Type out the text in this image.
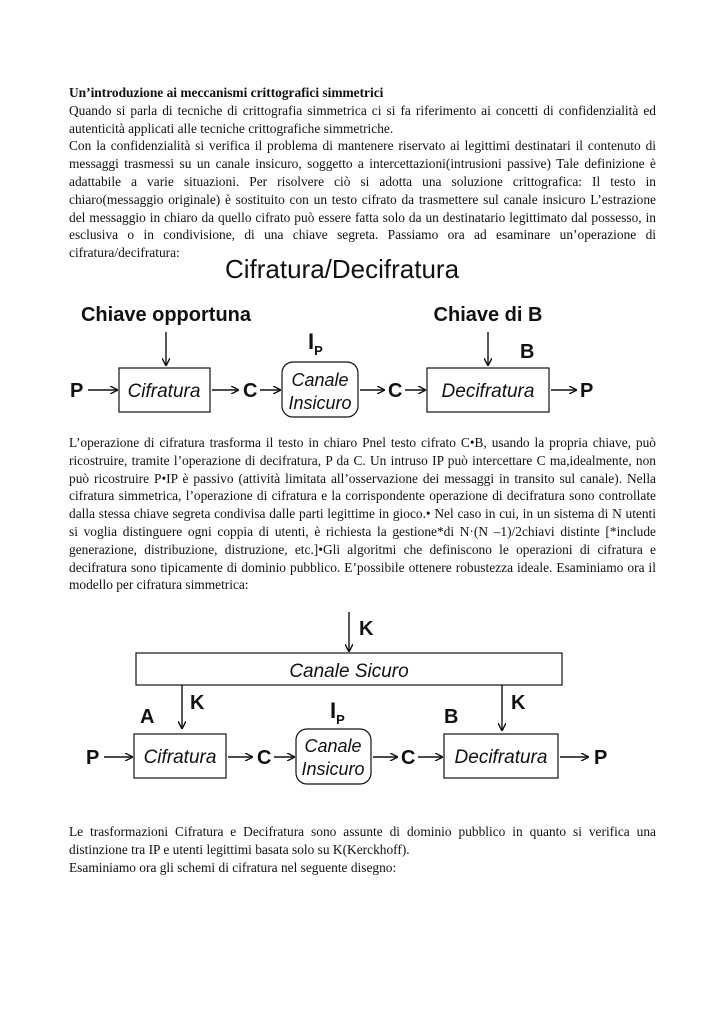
Un’introduzione ai meccanismi crittografici simmetrici

Quando si parla di tecniche di crittografia simmetrica ci si fa riferimento ai concetti di confidenzialità ed autenticità applicati alle tecniche crittografiche simmetriche.

Con la confidenzialità si verifica il problema di mantenere riservato ai legittimi destinatari il contenuto di messaggi trasmessi su un canale insicuro, soggetto a intercettazioni(intrusioni passive) Tale definizione è adattabile a varie situazioni. Per risolvere ciò si adotta una soluzione crittografica: Il testo in chiaro(messaggio originale) è sostituito con un testo cifrato da trasmettere sul canale insicuro L’estrazione del messaggio in chiaro da quello cifrato può essere fatta solo da un destinatario legittimato dal possesso, in esclusiva o in condivisione, di una chiave segreta. Passiamo ora ad esaminare un’operazione di cifratura/decifratura:

Cifratura/Decifratura
Chiave opportuna	Chiave di B
$I_P$	B
P Cifratura C Canale
Insicuro
C Decifratura P

L’operazione di cifratura trasforma il testo in chiaro Pnel testo cifrato C•B, usando la propria chiave, può ricostruire, tramite l’operazione di decifratura, P da C. Un intruso IP può intercettare C ma,idealmente, non può ricostruire P•IP è passivo (attività limitata all’osservazione dei messaggi in transito sul canale). Nella cifratura simmetrica, l’operazione di cifratura e la corrispondente operazione di decifratura sono controllate dalla stessa chiave segreta condivisa dalle parti legittime in gioco.• Nel caso in cui, in un sistema di N utenti si voglia distinguere ogni coppia di utenti, è richiesta la gestione*di N·(N –1)/2chiavi distinte [*include generazione, distribuzione, distruzione, etc.]•Gli algoritmi che definiscono le operazioni di cifratura e decifratura sono tipicamente di dominio pubblico. E’possibile ottenere robustezza ideale. Esaminiamo ora il modello per cifratura simmetrica:

K
Canale Sicuro
A
K	$I_P$	B
K
P Cifratura C
Canale
Insicuro C Decifratura P

Le trasformazioni Cifratura e Decifratura sono assunte di dominio pubblico in quanto si verifica una distinzione tra IP e utenti legittimi basata solo su K(Kerckhoff).

Esaminiamo ora gli schemi di cifratura nel seguente disegno:
